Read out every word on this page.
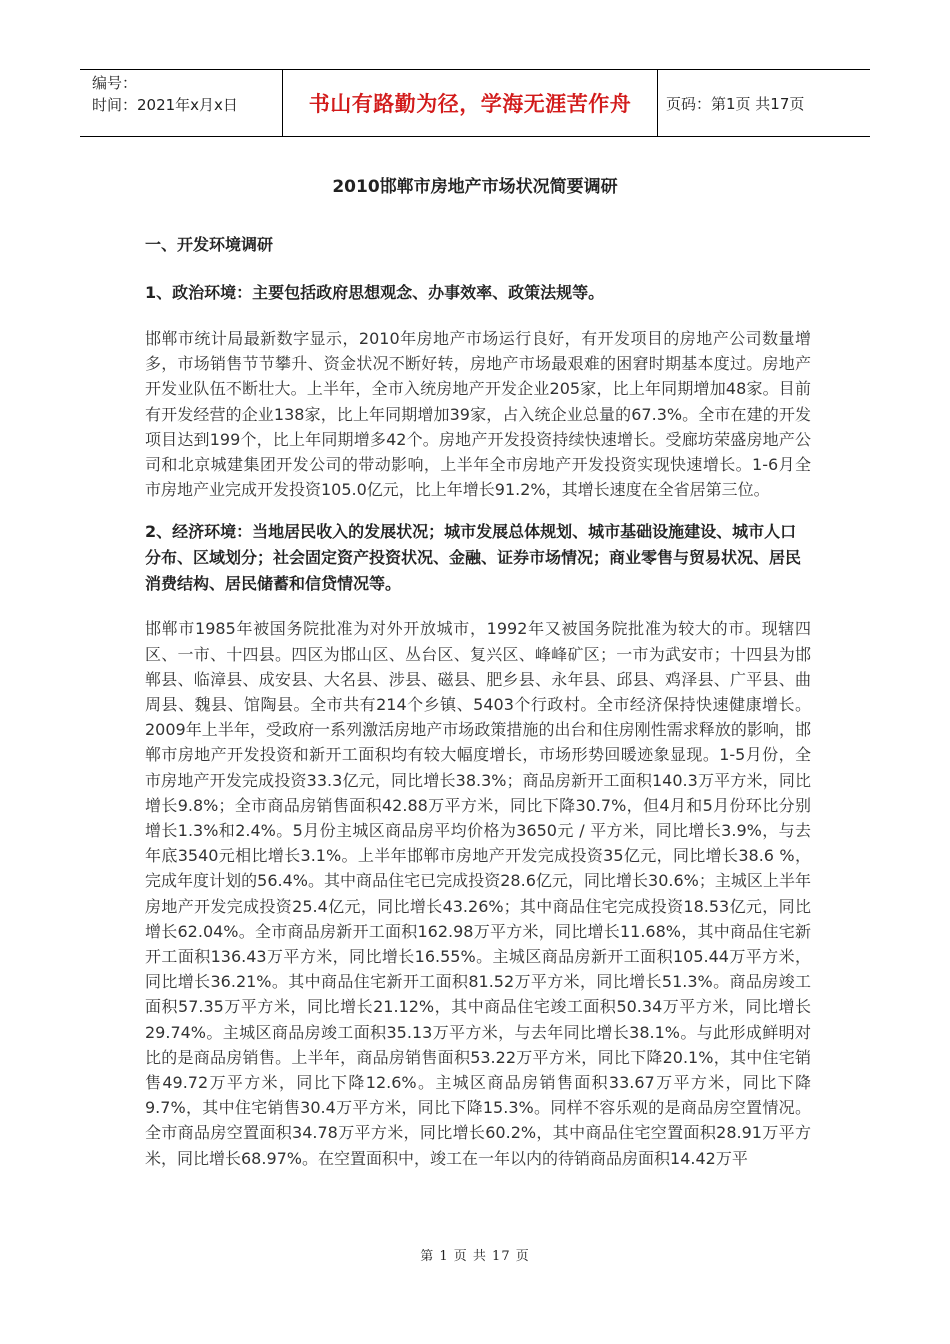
编号：
时间：2021年x月x日	书山有路勤为径，学海无涯苦作舟 页码：第1页 共17页
2010邯郸市房地产市场状况简要调研

一、开发环境调研

1、政治环境：主要包括政府思想观念、办事效率、政策法规等。

邯郸市统计局最新数字显示，2010年房地产市场运行良好，有开发项目的房地产公司数量增多，市场销售节节攀升、资金状况不断好转，房地产市场最艰难的困窘时期基本度过。房地产开发业队伍不断壮大。上半年，全市入统房地产开发企业205家，比上年同期增加48家。目前有开发经营的企业138家，比上年同期增加39家，占入统企业总量的67.3%。全市在建的开发项目达到199个，比上年同期增多42个。房地产开发投资持续快速增长。受廊坊荣盛房地产公司和北京城建集团开发公司的带动影响，上半年全市房地产开发投资实现快速增长。1-6月全市房地产业完成开发投资105.0亿元，比上年增长91.2%，其增长速度在全省居第三位。

2、经济环境：当地居民收入的发展状况；城市发展总体规划、城市基础设施建设、城市人口分布、区域划分；社会固定资产投资状况、金融、证券市场情况；商业零售与贸易状况、居民消费结构、居民储蓄和信贷情况等。

邯郸市1985年被国务院批准为对外开放城市，1992年又被国务院批准为较大的市。现辖四区、一市、十四县。四区为邯山区、丛台区、复兴区、峰峰矿区；一市为武安市；十四县为邯郸县、临漳县、成安县、大名县、涉县、磁县、肥乡县、永年县、邱县、鸡泽县、广平县、曲周县、魏县、馆陶县。全市共有214个乡镇、5403个行政村。全市经济保持快速健康增长。2009年上半年，受政府一系列激活房地产市场政策措施的出台和住房刚性需求释放的影响，邯郸市房地产开发投资和新开工面积均有较大幅度增长，市场形势回暖迹象显现。1-5月份，全市房地产开发完成投资33.3亿元，同比增长38.3%；商品房新开工面积140.3万平方米，同比增长9.8%；全市商品房销售面积42.88万平方米，同比下降30.7%，但4月和5月份环比分别增长1.3%和2.4%。5月份主城区商品房平均价格为3650元 / 平方米，同比增长3.9%，与去年底3540元相比增长3.1%。上半年邯郸市房地产开发完成投资35亿元，同比增长38.6 %，完成年度计划的56.4%。其中商品住宅已完成投资28.6亿元，同比增长30.6%；主城区上半年房地产开发完成投资25.4亿元，同比增长43.26%；其中商品住宅完成投资18.53亿元，同比增长62.04%。全市商品房新开工面积162.98万平方米，同比增长11.68%，其中商品住宅新开工面积136.43万平方米，同比增长16.55%。主城区商品房新开工面积105.44万平方米，同比增长36.21%。其中商品住宅新开工面积81.52万平方米，同比增长51.3%。商品房竣工面积57.35万平方米，同比增长21.12%，其中商品住宅竣工面积50.34万平方米，同比增长29.74%。主城区商品房竣工面积35.13万平方米，与去年同比增长38.1%。与此形成鲜明对比的是商品房销售。上半年，商品房销售面积53.22万平方米，同比下降20.1%，其中住宅销售49.72万平方米，同比下降12.6%。主城区商品房销售面积33.67万平方米，同比下降9.7%，其中住宅销售30.4万平方米，同比下降15.3%。同样不容乐观的是商品房空置情况。全市商品房空置面积34.78万平方米，同比增长60.2%，其中商品住宅空置面积28.91万平方米，同比增长68.97%。在空置面积中，竣工在一年以内的待销商品房面积14.42万平

第 1 页 共 17 页
